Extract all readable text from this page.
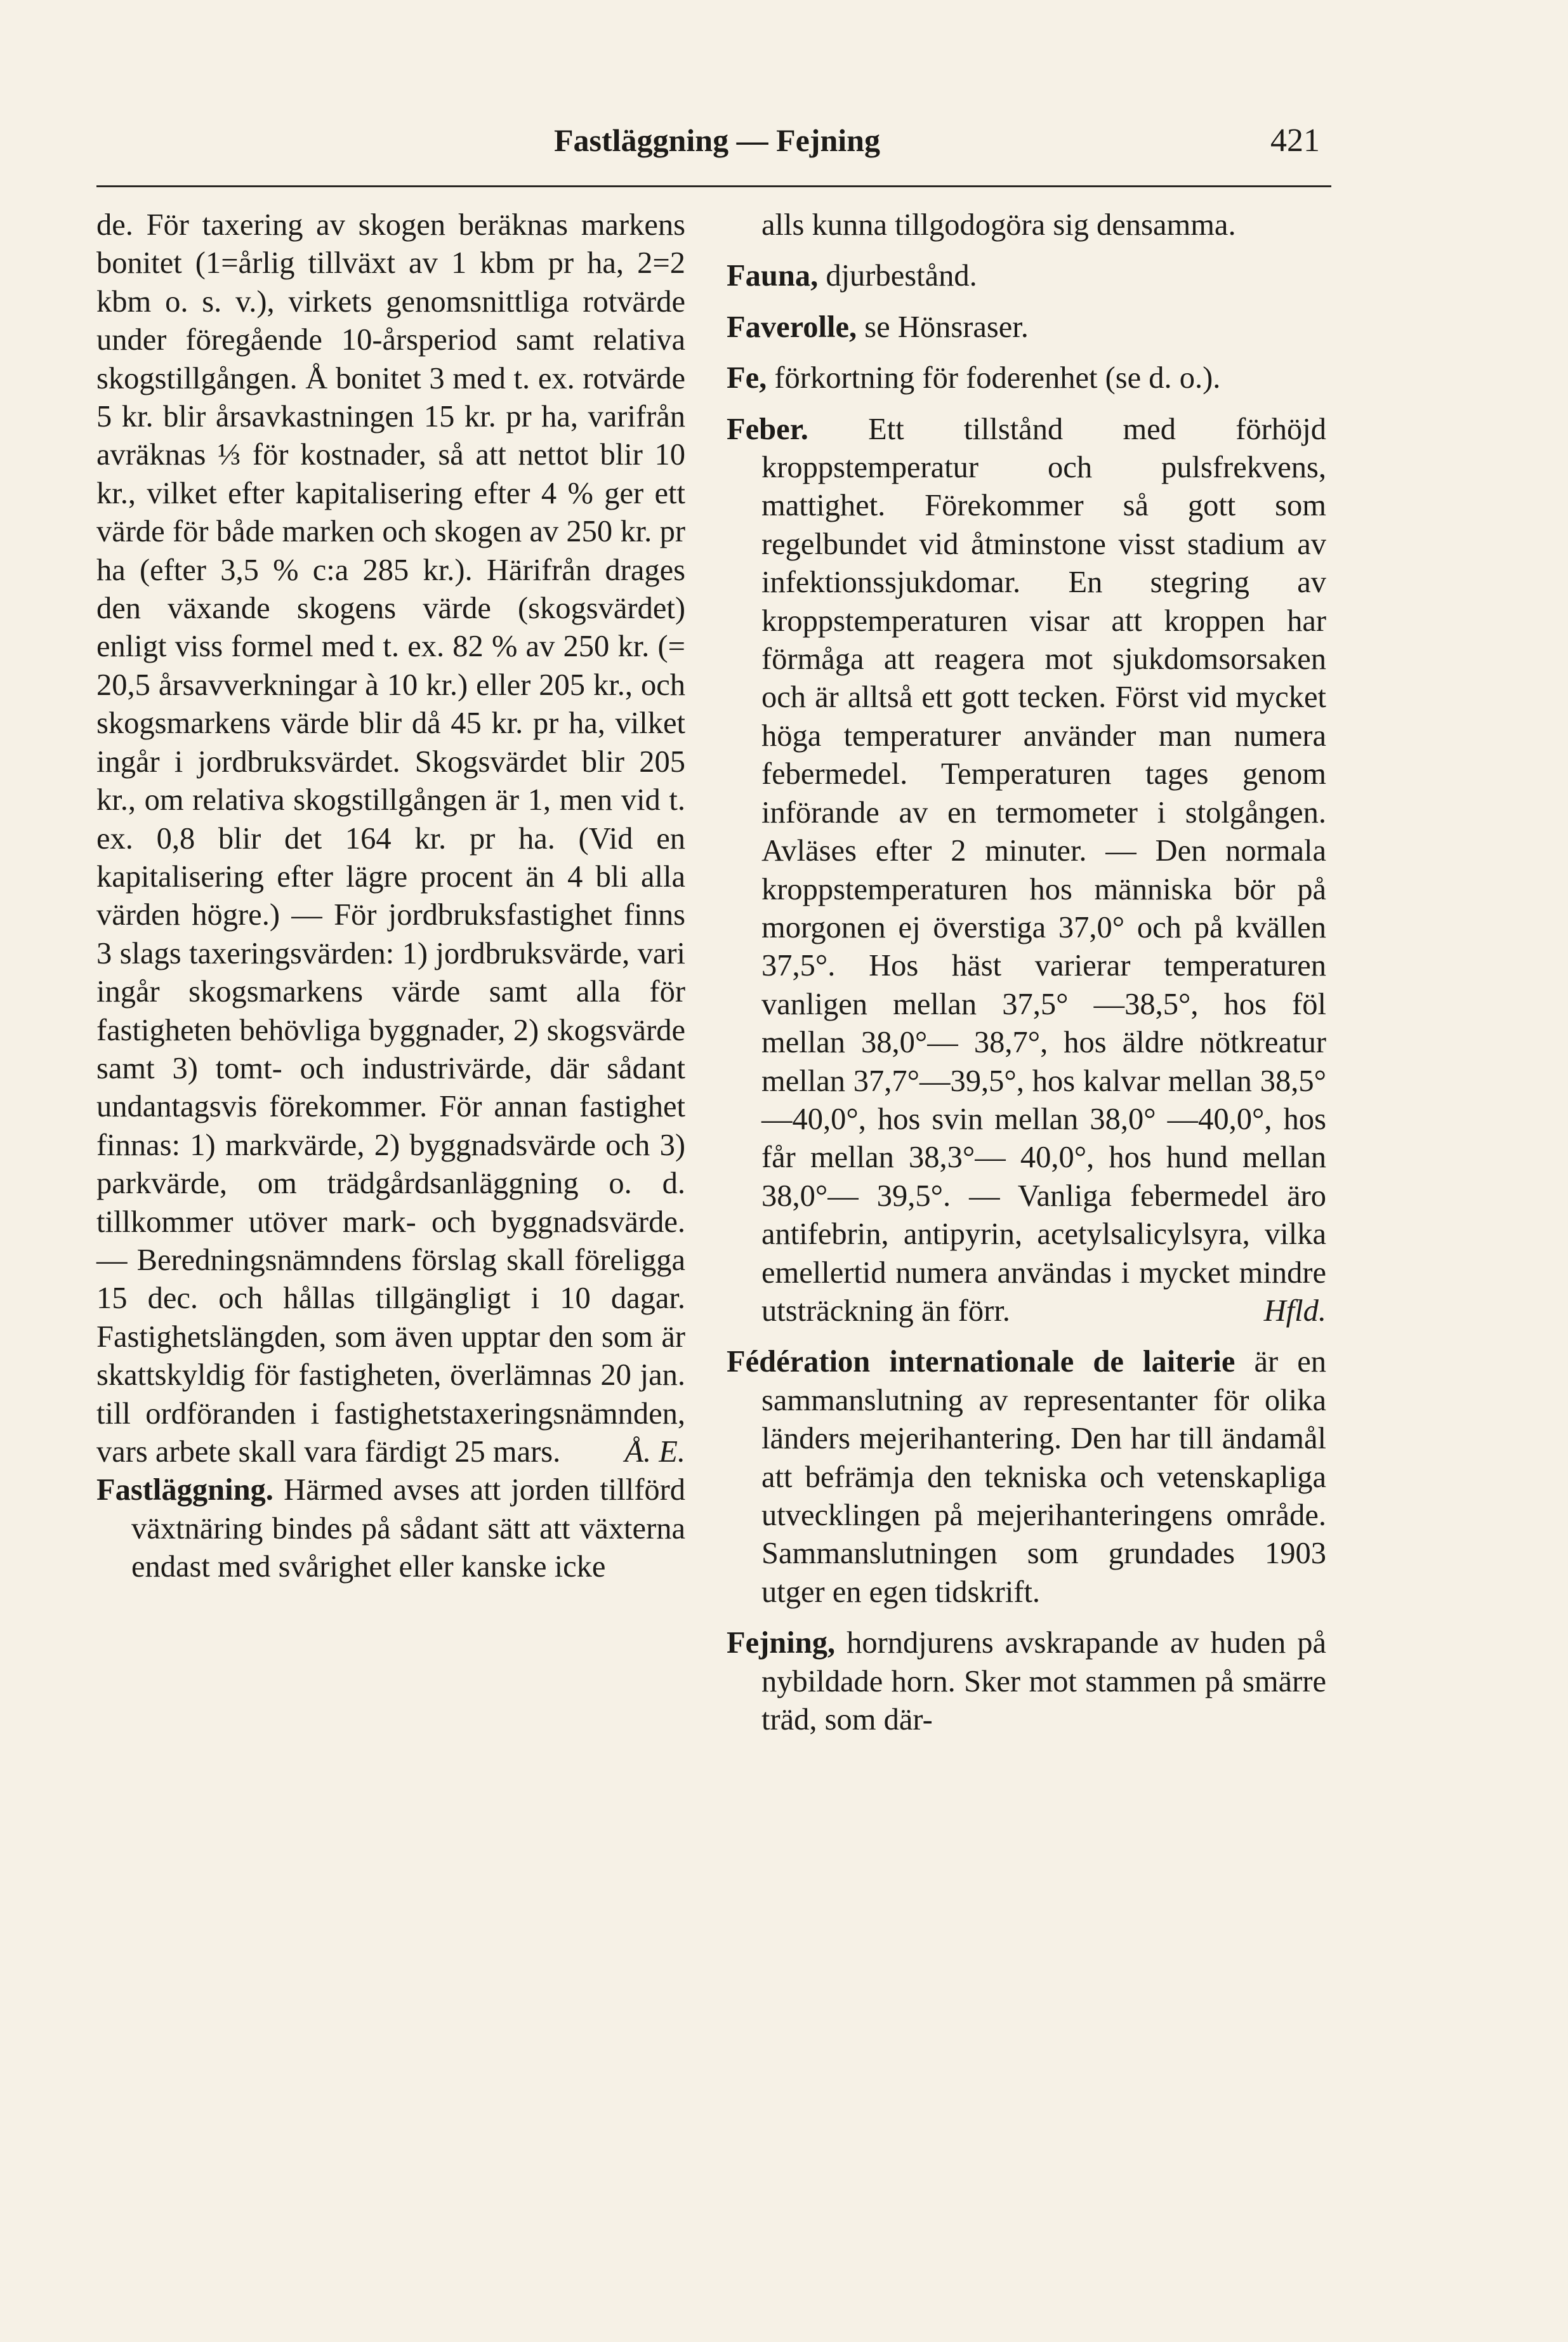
Fastläggning — Fejning	421

de. För taxering av skogen beräknas markens bonitet (1=årlig tillväxt av 1 kbm pr ha, 2=2 kbm o. s. v.), virkets genomsnittliga rotvärde under föregående 10-årsperiod samt relativa skogstillgången. Å bonitet 3 med t. ex. rotvärde 5 kr. blir årsavkastningen 15 kr. pr ha, varifrån avräknas ⅓ för kostnader, så att nettot blir 10 kr., vilket efter kapitalisering efter 4 % ger ett värde för både marken och skogen av 250 kr. pr ha (efter 3,5 % c:a 285 kr.). Härifrån drages den växande skogens värde (skogsvärdet) enligt viss formel med t. ex. 82 % av 250 kr. (= 20,5 årsavverkningar à 10 kr.) eller 205 kr., och skogsmarkens värde blir då 45 kr. pr ha, vilket ingår i jordbruksvärdet. Skogsvärdet blir 205 kr., om relativa skogstillgången är 1, men vid t. ex. 0,8 blir det 164 kr. pr ha. (Vid en kapitalisering efter lägre procent än 4 bli alla värden högre.) — För jordbruksfastighet finns 3 slags taxeringsvärden: 1) jordbruksvärde, vari ingår skogsmarkens värde samt alla för fastigheten behövliga byggnader, 2) skogsvärde samt 3) tomt- och industrivärde, där sådant undantagsvis förekommer. För annan fastighet finnas: 1) markvärde, 2) byggnadsvärde och 3) parkvärde, om trädgårdsanläggning o. d. tillkommer utöver mark- och byggnadsvärde. — Beredningsnämndens förslag skall föreligga 15 dec. och hållas tillgängligt i 10 dagar. Fastighetslängden, som även upptar den som är skattskyldig för fastigheten, överlämnas 20 jan. till ordföranden i fastighetstaxeringsnämnden, vars arbete skall vara färdigt 25 mars. Å. E.

Fastläggning. Härmed avses att jorden tillförd växtnäring bindes på sådant sätt att växterna endast med svårighet eller kanske icke

alls kunna tillgodogöra sig densamma.

Fauna, djurbestånd.

Faverolle, se Hönsraser.

Fe, förkortning för foderenhet (se d. o.).

Feber. Ett tillstånd med förhöjd kroppstemperatur och pulsfrekvens, mattighet. Förekommer så gott som regelbundet vid åtminstone visst stadium av infektionssjukdomar. En stegring av kroppstemperaturen visar att kroppen har förmåga att reagera mot sjukdomsorsaken och är alltså ett gott tecken. Först vid mycket höga temperaturer använder man numera febermedel. Temperaturen tages genom införande av en termometer i stolgången. Avläses efter 2 minuter. — Den normala kroppstemperaturen hos människa bör på morgonen ej överstiga 37,0° och på kvällen 37,5°. Hos häst varierar temperaturen vanligen mellan 37,5° —38,5°, hos föl mellan 38,0°— 38,7°, hos äldre nötkreatur mellan 37,7°—39,5°, hos kalvar mellan 38,5°—40,0°, hos svin mellan 38,0° —40,0°, hos får mellan 38,3°— 40,0°, hos hund mellan 38,0°— 39,5°. — Vanliga febermedel äro antifebrin, antipyrin, acetylsalicylsyra, vilka emellertid numera användas i mycket mindre utsträckning än förr.	Hfld.

Fédération internationale de laiterie är en sammanslutning av representanter för olika länders mejerihantering. Den har till ändamål att befrämja den tekniska och vetenskapliga utvecklingen på mejerihanteringens område. Sammanslutningen som grundades 1903 utger en egen tidskrift.

Fejning, horndjurens avskrapande av huden på nybildade horn. Sker mot stammen på smärre träd, som där-
